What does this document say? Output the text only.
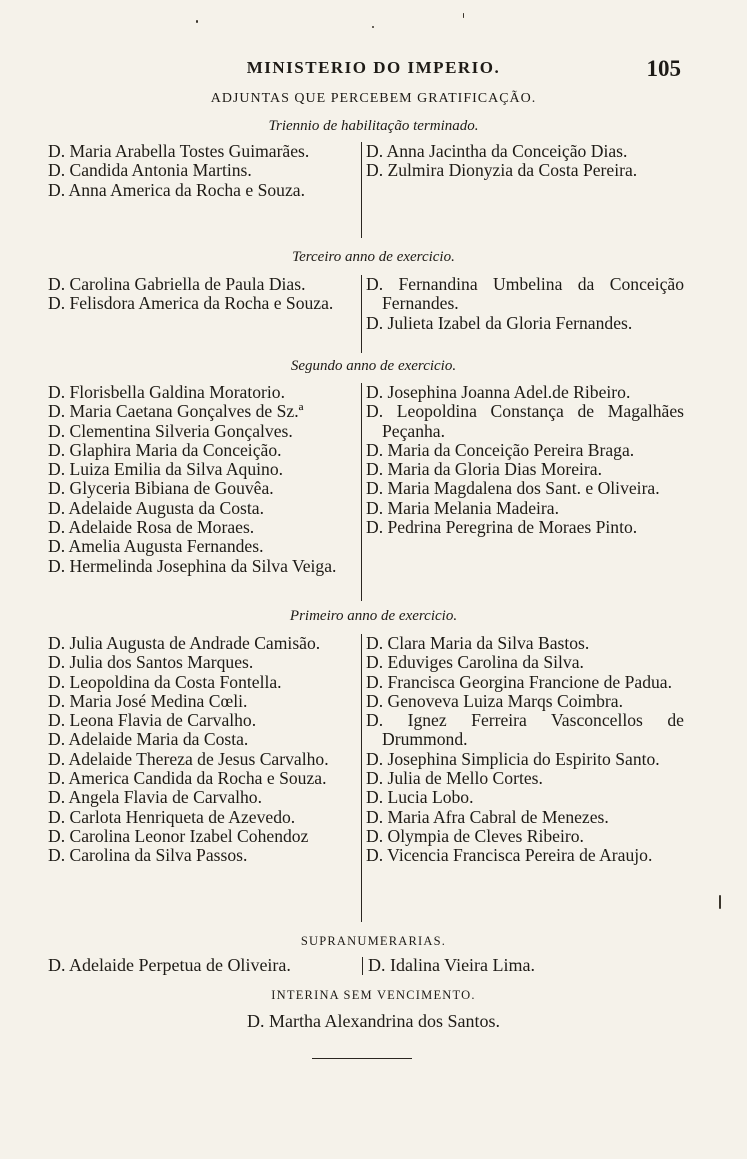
MINISTERIO DO IMPERIO.	105
ADJUNTAS QUE PERCEBEM GRATIFICAÇÃO.
Triennio de habilitação terminado.
D. Maria Arabella Tostes Guimarães.
D. Candida Antonia Martins.
D. Anna America da Rocha e Souza.
D. Anna Jacintha da Conceição Dias.
D. Zulmira Dionyzia da Costa Pereira.
Terceiro anno de exercicio.
D. Carolina Gabriella de Paula Dias.
D. Felisdora America da Rocha e Souza.
D. Fernandina Umbelina da Conceição Fernandes.
D. Julieta Izabel da Gloria Fernandes.
Segundo anno de exercicio.
D. Florisbella Galdina Moratorio.
D. Maria Caetana Gonçalves de Sz.ª
D. Clementina Silveria Gonçalves.
D. Glaphira Maria da Conceição.
D. Luiza Emilia da Silva Aquino.
D. Glyceria Bibiana de Gouvêa.
D. Adelaide Augusta da Costa.
D. Adelaide Rosa de Moraes.
D. Amelia Augusta Fernandes.
D. Hermelinda Josephina da Silva Veiga.
D. Josephina Joanna Adel.de Ribeiro.
D. Leopoldina Constança de Magalhães Peçanha.
D. Maria da Conceição Pereira Braga.
D. Maria da Gloria Dias Moreira.
D. Maria Magdalena dos Sant. e Oliveira.
D. Maria Melania Madeira.
D. Pedrina Peregrina de Moraes Pinto.
Primeiro anno de exercicio.
D. Julia Augusta de Andrade Camisão.
D. Julia dos Santos Marques.
D. Leopoldina da Costa Fontella.
D. Maria José Medina Cœli.
D. Leona Flavia de Carvalho.
D. Adelaide Maria da Costa.
D. Adelaide Thereza de Jesus Carvalho.
D. America Candida da Rocha e Souza.
D. Angela Flavia de Carvalho.
D. Carlota Henriqueta de Azevedo.
D. Carolina Leonor Izabel Cohendoz
D. Carolina da Silva Passos.
D. Clara Maria da Silva Bastos.
D. Eduviges Carolina da Silva.
D. Francisca Georgina Francione de Padua.
D. Genoveva Luiza Marqs Coimbra.
D. Ignez Ferreira Vasconcellos de Drummond.
D. Josephina Simplicia do Espirito Santo.
D. Julia de Mello Cortes.
D. Lucia Lobo.
D. Maria Afra Cabral de Menezes.
D. Olympia de Cleves Ribeiro.
D. Vicencia Francisca Pereira de Araujo.
SUPRANUMERARIAS.
D. Adelaide Perpetua de Oliveira.	D. Idalina Vieira Lima.
INTERINA SEM VENCIMENTO.
D. Martha Alexandrina dos Santos.
